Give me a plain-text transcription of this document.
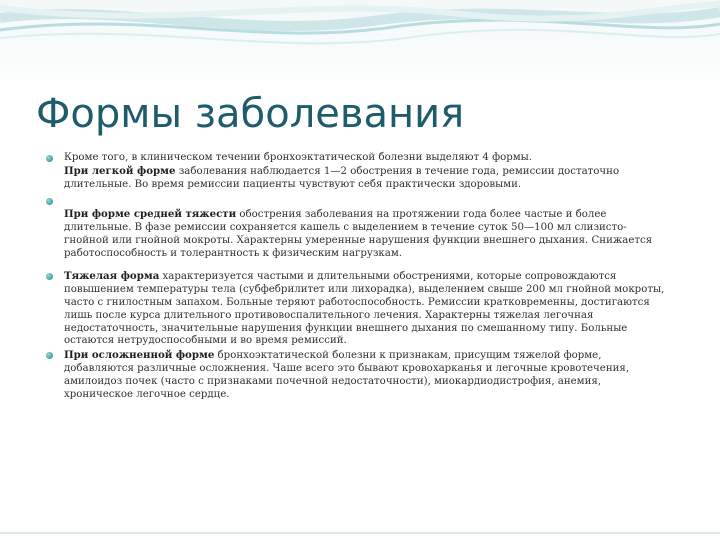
Формы заболевания

Кроме того, в клиническом течении бронхоэктатической болезни выделяют 4 формы.

При легкой форме заболевания наблюдается 1—2 обострения в течение года, ремиссии достаточно длительные. Во время ремиссии пациенты чувствуют себя практически здоровыми.

При форме средней тяжести обострения заболевания на протяжении года более частые и более длительные. В фазе ремиссии сохраняется кашель с выделением в течение суток 50—100 мл слизисто-гнойной или гнойной мокроты. Характерны умеренные нарушения функции внешнего дыхания. Снижается работоспособность и толерантность к физическим нагрузкам.

Тяжелая форма характеризуется частыми и длительными обострениями, которые сопровождаются повышением температуры тела (субфебрилитет или лихорадка), выделением свыше 200 мл гнойной мокроты, часто с гнилостным запахом. Больные теряют работоспособность. Ремиссии кратковременны, достигаются лишь после курса длительного противовоспалительного лечения. Характерны тяжелая легочная недостаточность, значительные нарушения функции внешнего дыхания по смешанному типу. Больные остаются нетрудоспособными и во время ремиссий.

При осложненной форме бронхоэктатической болезни к признакам, присущим тяжелой форме, добавляются различные осложнения. Чаше всего это бывают кровохарканья и легочные кровотечения, амилоидоз почек (часто с признаками почечной недостаточности), миокардиодистрофия, анемия, хроническое легочное сердце.
